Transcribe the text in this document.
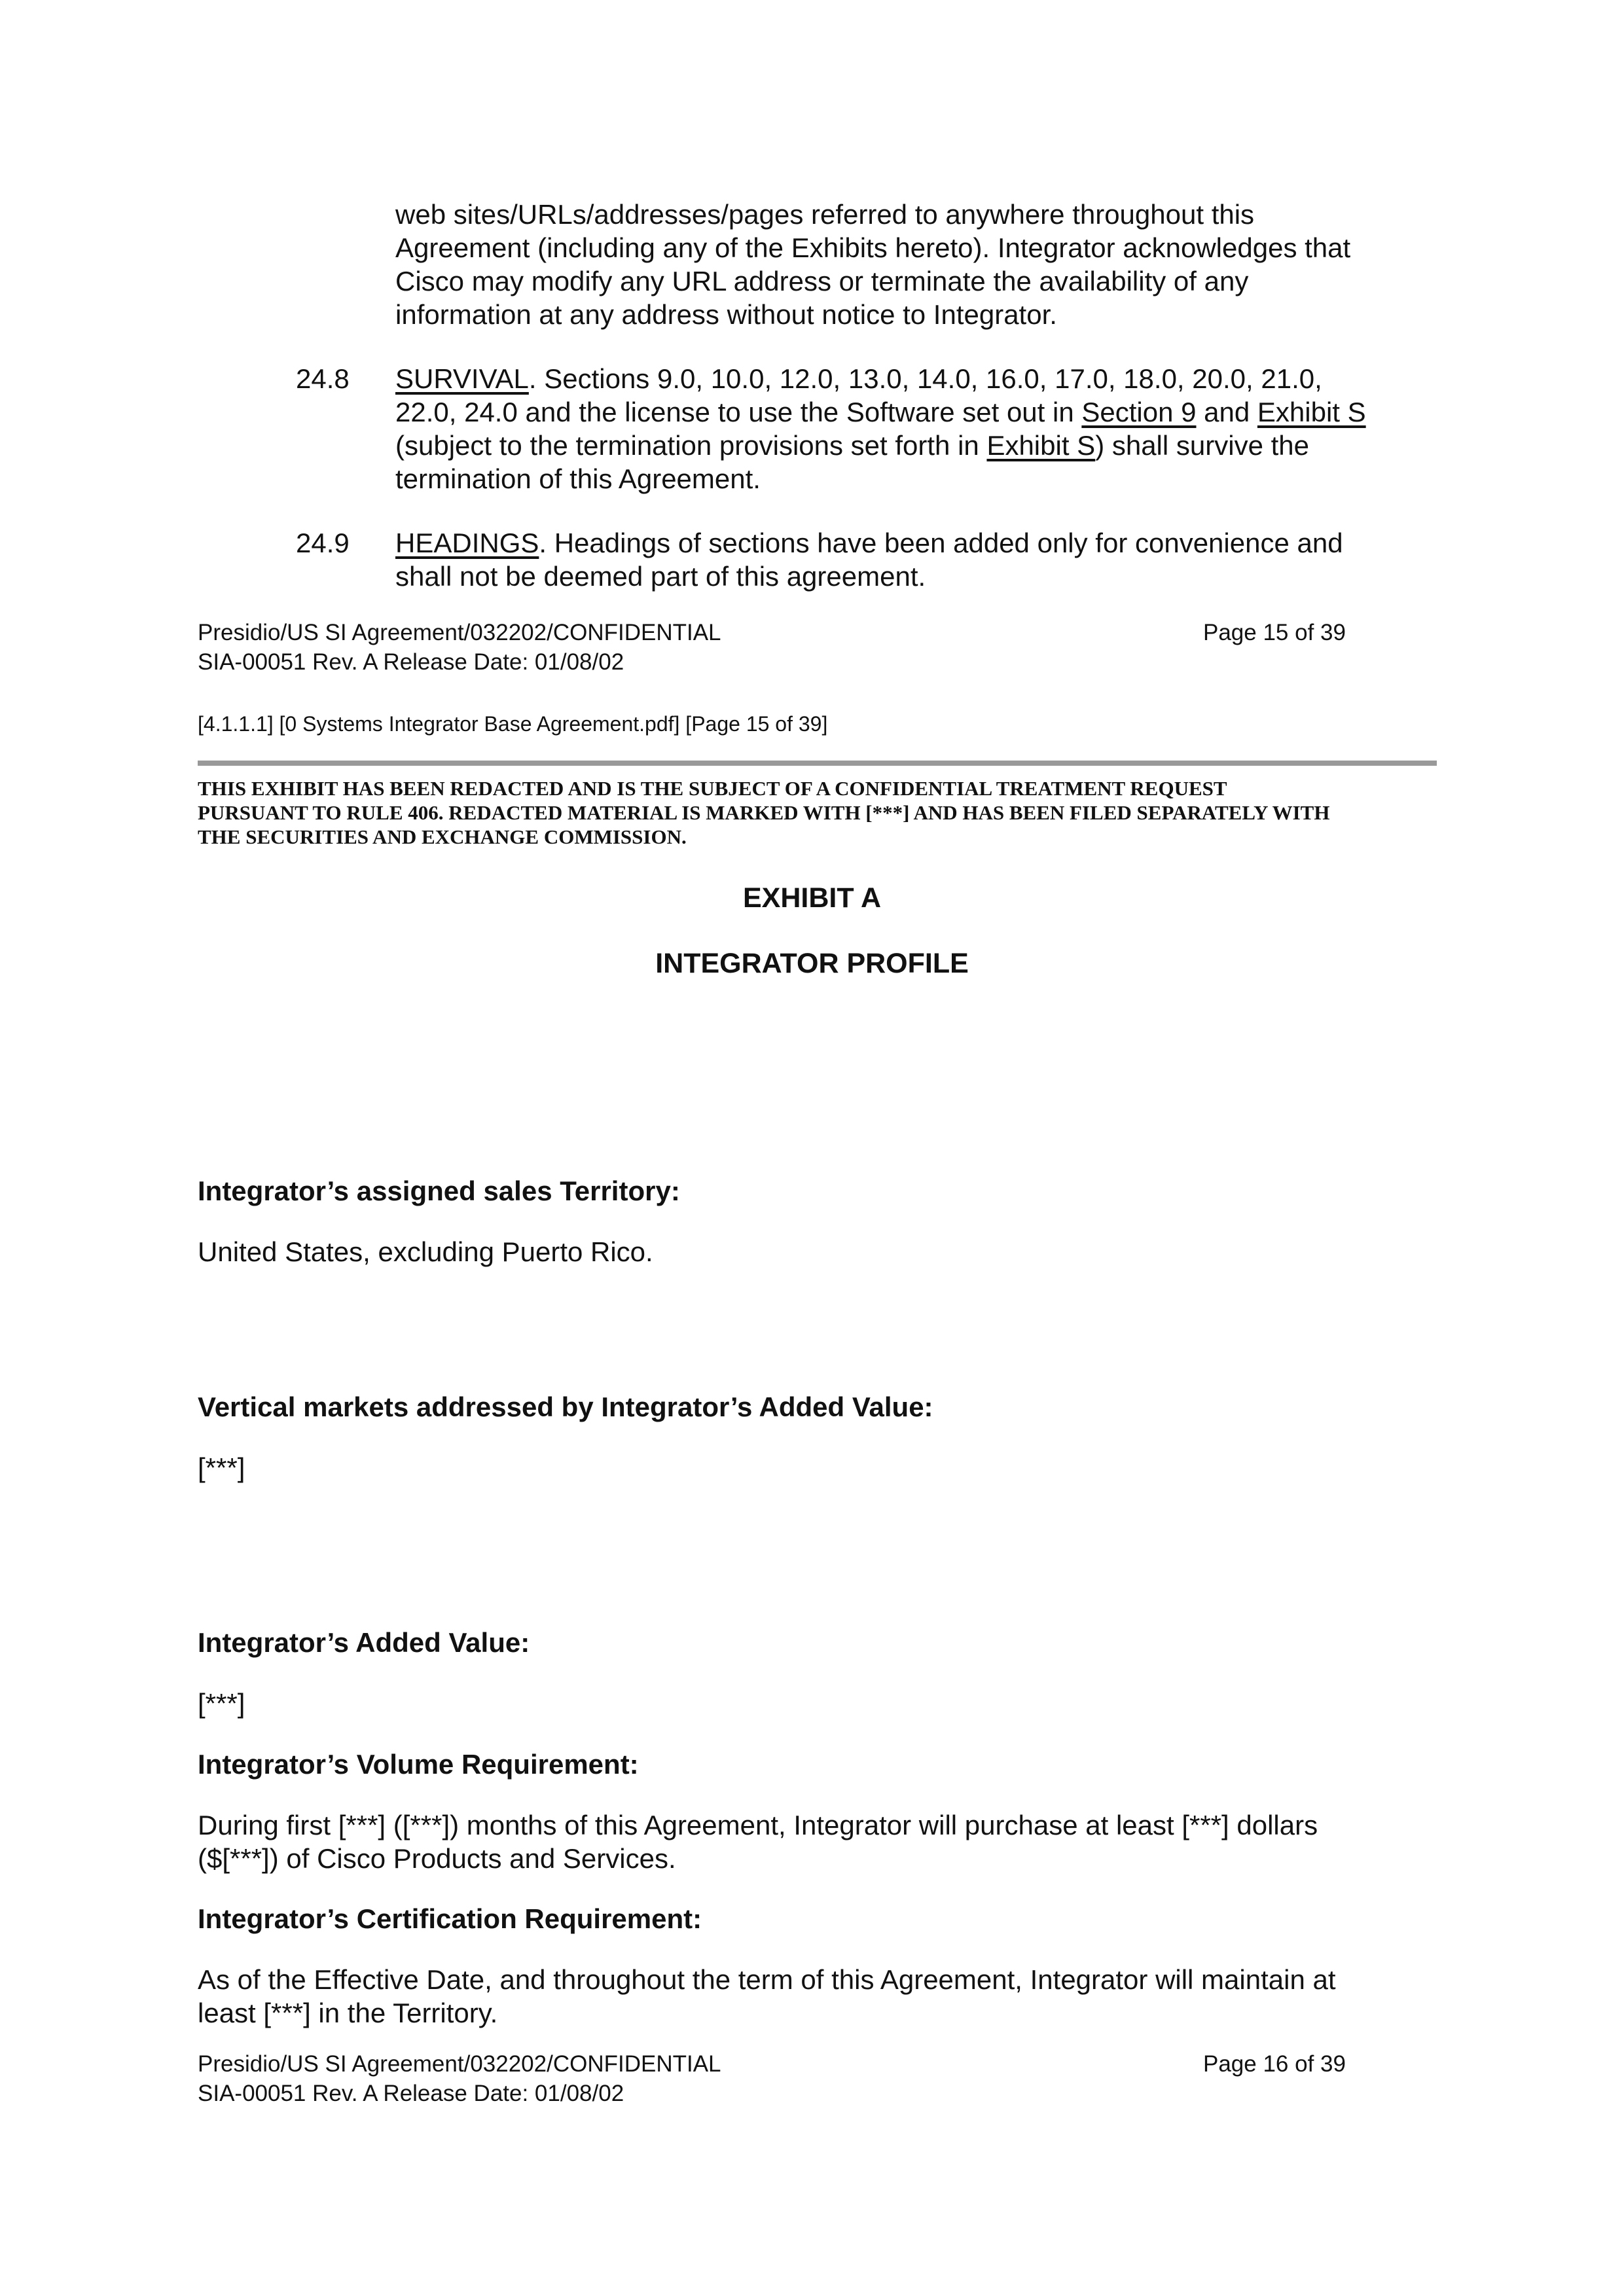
web sites/URLs/addresses/pages referred to anywhere throughout this
Agreement (including any of the Exhibits hereto). Integrator acknowledges that
Cisco may modify any URL address or terminate the availability of any
information at any address without notice to Integrator.
24.8 SURVIVAL. Sections 9.0, 10.0, 12.0, 13.0, 14.0, 16.0, 17.0, 18.0, 20.0, 21.0,
22.0, 24.0 and the license to use the Software set out in Section 9 and Exhibit S
(subject to the termination provisions set forth in Exhibit S) shall survive the
termination of this Agreement.
24.9 HEADINGS. Headings of sections have been added only for convenience and
shall not be deemed part of this agreement.
Presidio/US SI Agreement/032202/CONFIDENTIAL
SIA-00051 Rev. A Release Date: 01/08/02
Page 15 of 39
[4.1.1.1] [0 Systems Integrator Base Agreement.pdf] [Page 15 of 39]
THIS EXHIBIT HAS BEEN REDACTED AND IS THE SUBJECT OF A CONFIDENTIAL TREATMENT REQUEST
PURSUANT TO RULE 406. REDACTED MATERIAL IS MARKED WITH [***] AND HAS BEEN FILED SEPARATELY WITH
THE SECURITIES AND EXCHANGE COMMISSION.
EXHIBIT A
INTEGRATOR PROFILE
Integrator’s assigned sales Territory:
United States, excluding Puerto Rico.
Vertical markets addressed by Integrator’s Added Value:
[***]
Integrator’s Added Value:
[***]
Integrator’s Volume Requirement:
During first [***] ([***]) months of this Agreement, Integrator will purchase at least [***] dollars
($[***]) of Cisco Products and Services.
Integrator’s Certification Requirement:
As of the Effective Date, and throughout the term of this Agreement, Integrator will maintain at
least [***] in the Territory.
Presidio/US SI Agreement/032202/CONFIDENTIAL
SIA-00051 Rev. A Release Date: 01/08/02
Page 16 of 39
